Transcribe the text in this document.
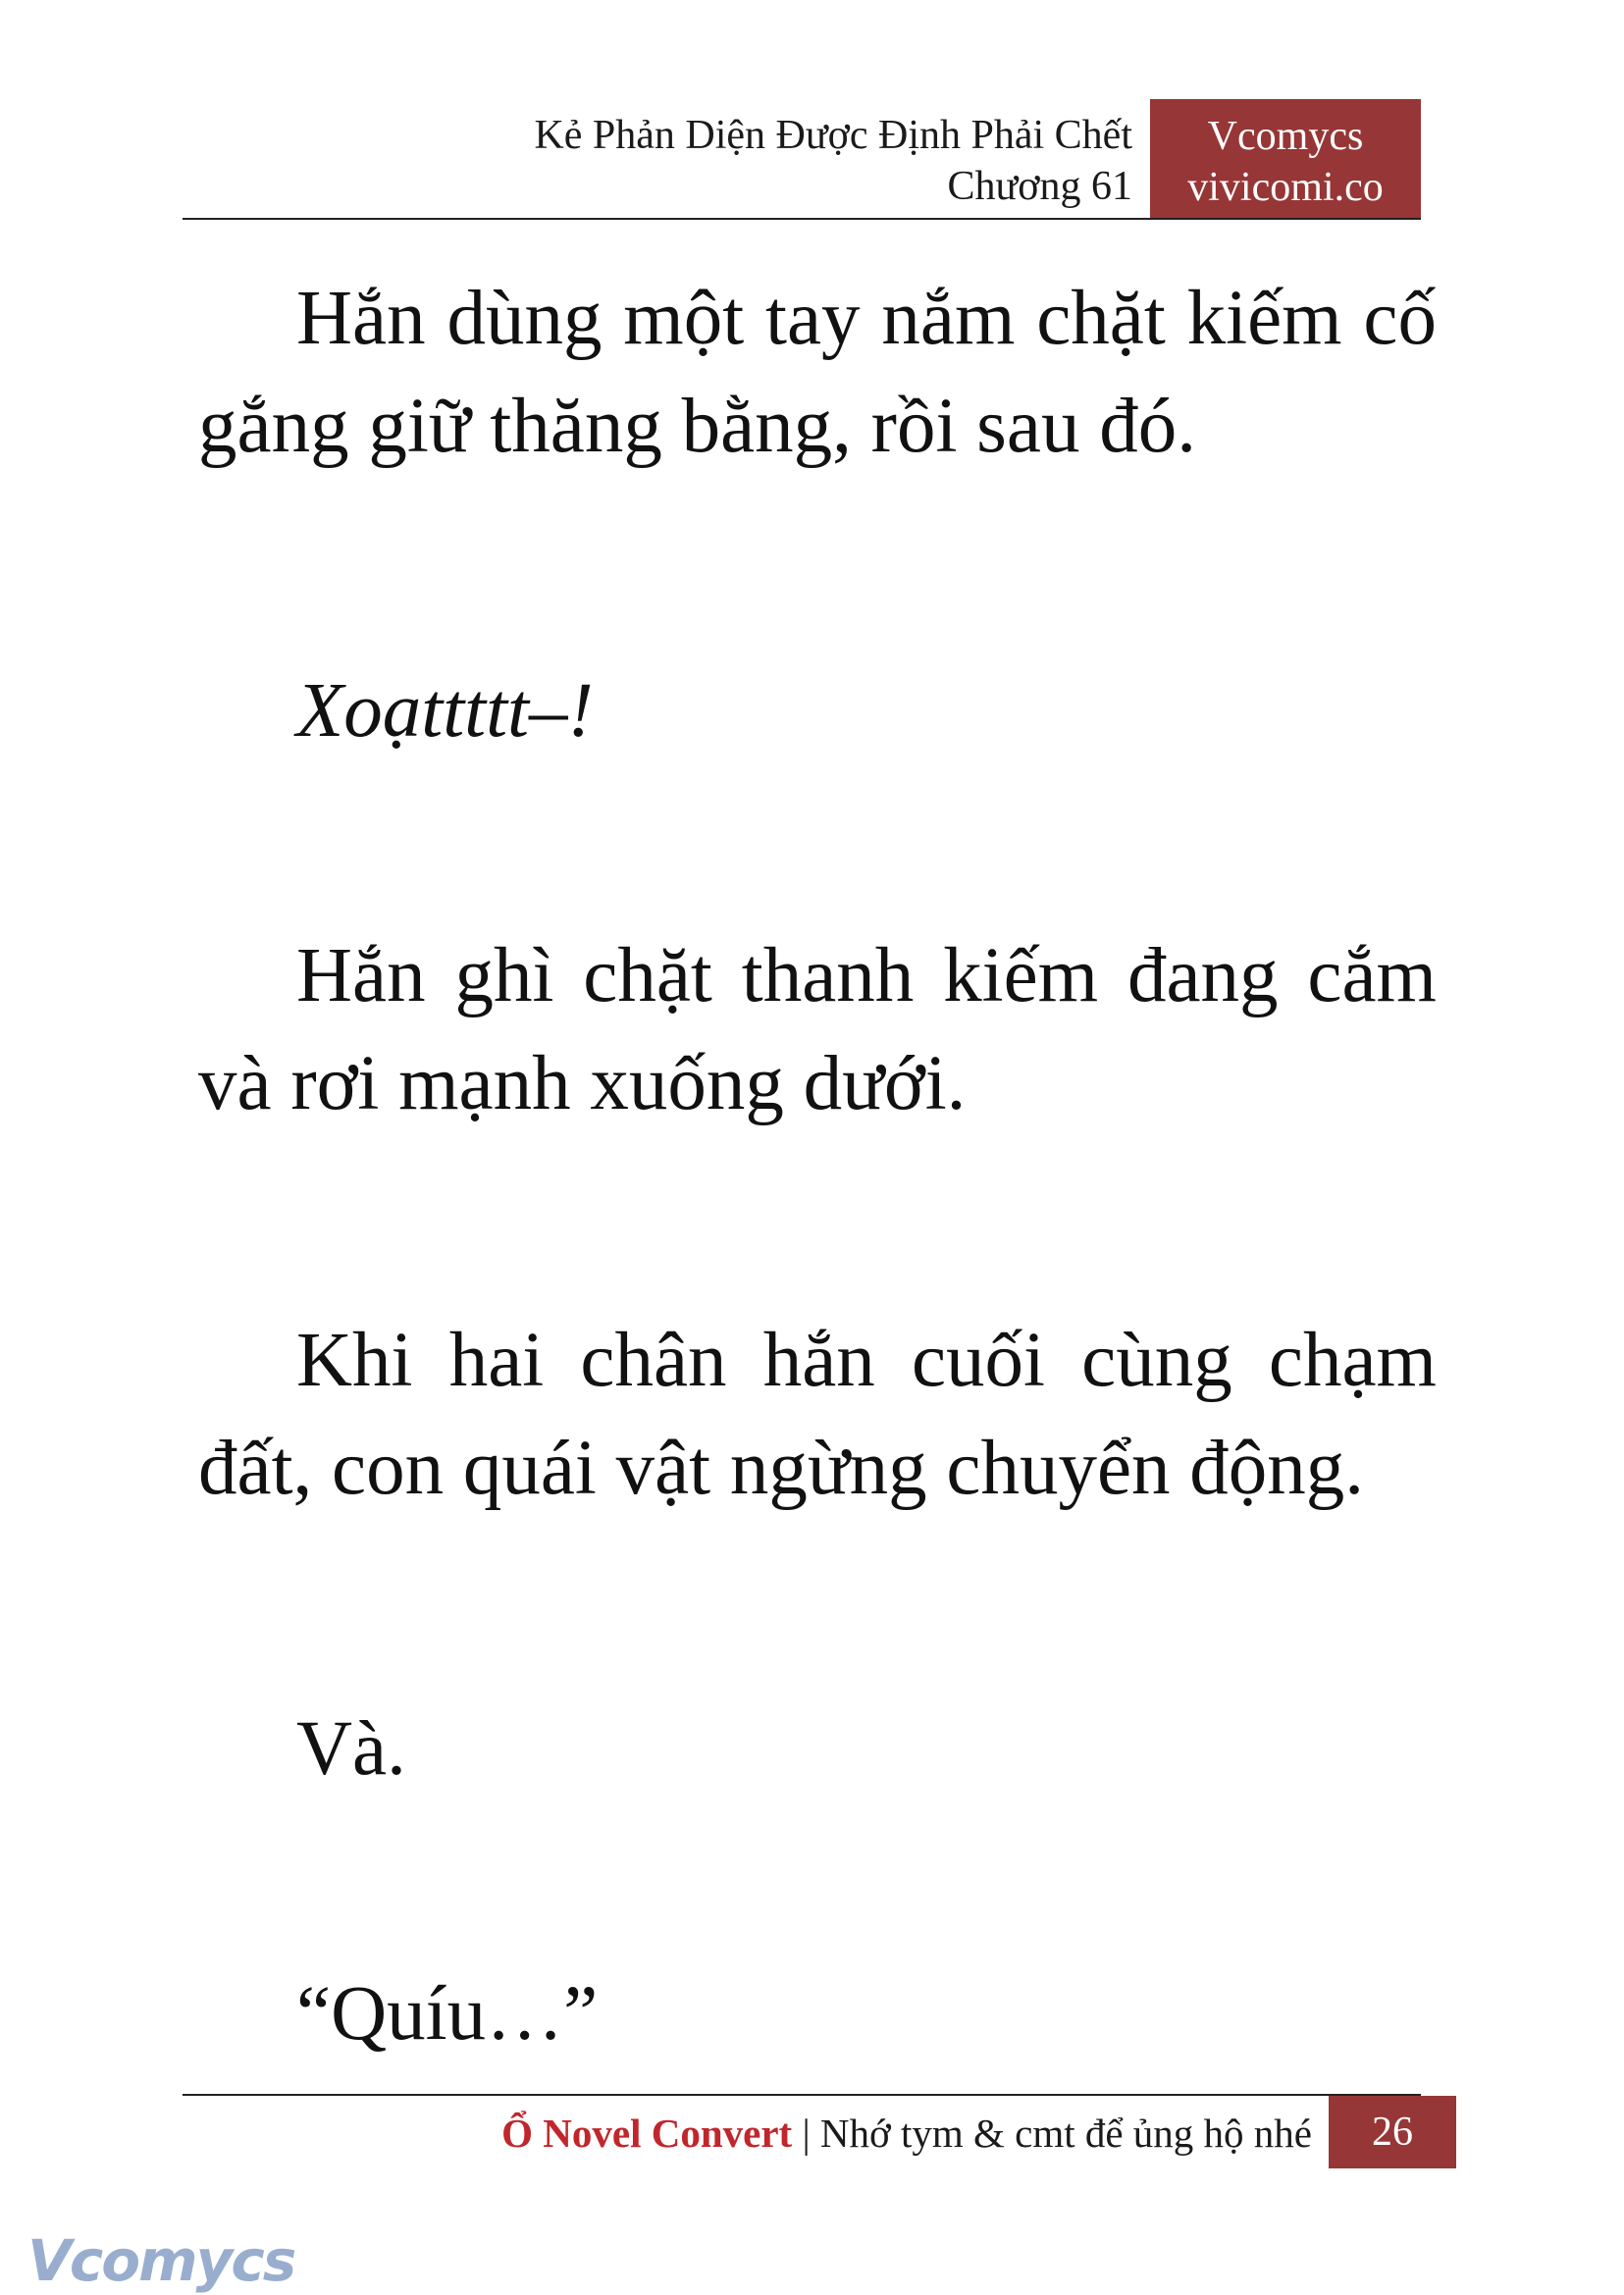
Kẻ Phản Diện Được Định Phải Chết
Chương 61
Vcomycs
vivicomi.co

Hắn dùng một tay nắm chặt kiếm cố gắng giữ thăng bằng, rồi sau đó.

Xoạttttt–!

Hắn ghì chặt thanh kiếm đang cắm và rơi mạnh xuống dưới.

Khi hai chân hắn cuối cùng chạm đất, con quái vật ngừng chuyển động.

Và.

“Quíu…”

Ổ Novel Convert | Nhớ tym & cmt để ủng hộ nhé	26
Vcomycs
